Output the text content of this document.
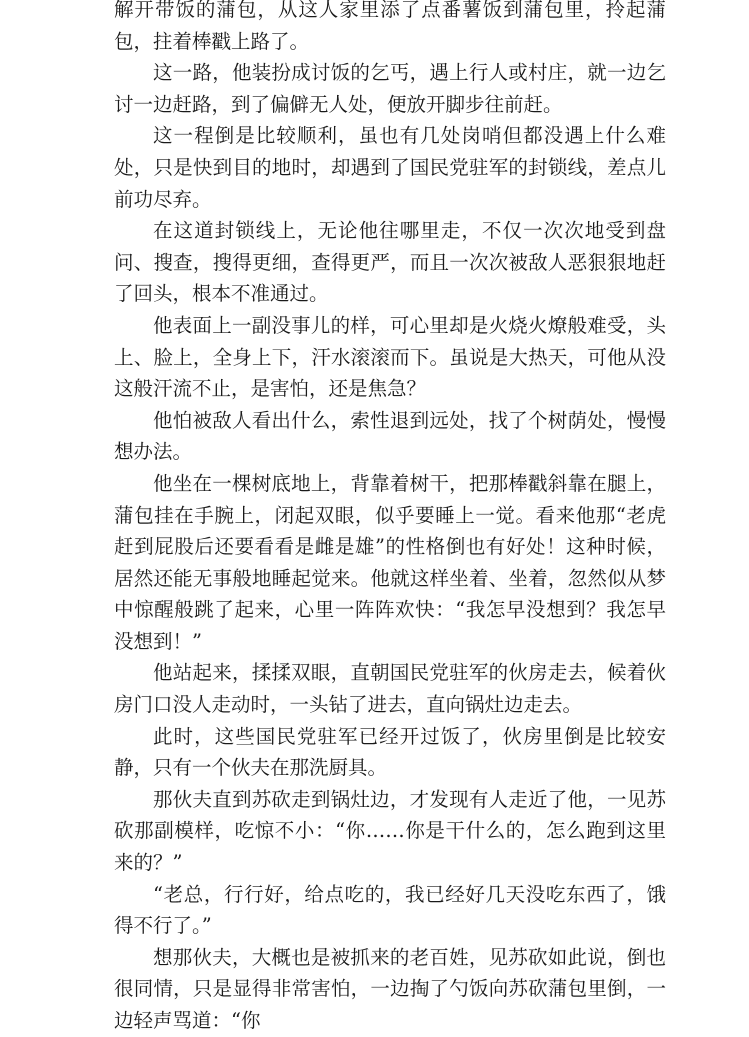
解开带饭的蒲包，从这人家里添了点番薯饭到蒲包里，拎起蒲包，拄着棒戳上路了。

这一路，他装扮成讨饭的乞丐，遇上行人或村庄，就一边乞讨一边赶路，到了偏僻无人处，便放开脚步往前赶。

这一程倒是比较顺利，虽也有几处岗哨但都没遇上什么难处，只是快到目的地时，却遇到了国民党驻军的封锁线，差点儿前功尽弃。

在这道封锁线上，无论他往哪里走，不仅一次次地受到盘问、搜查，搜得更细，查得更严，而且一次次被敌人恶狠狠地赶了回头，根本不准通过。

他表面上一副没事儿的样，可心里却是火烧火燎般难受，头上、脸上，全身上下，汗水滚滚而下。虽说是大热天，可他从没这般汗流不止，是害怕，还是焦急？

他怕被敌人看出什么，索性退到远处，找了个树荫处，慢慢想办法。

他坐在一棵树底地上，背靠着树干，把那棒戳斜靠在腿上，蒲包挂在手腕上，闭起双眼，似乎要睡上一觉。看来他那“老虎赶到屁股后还要看看是雌是雄”的性格倒也有好处！这种时候，居然还能无事般地睡起觉来。他就这样坐着、坐着，忽然似从梦中惊醒般跳了起来，心里一阵阵欢快：“我怎早没想到？我怎早没想到！”

他站起来，揉揉双眼，直朝国民党驻军的伙房走去，候着伙房门口没人走动时，一头钻了进去，直向锅灶边走去。

此时，这些国民党驻军已经开过饭了，伙房里倒是比较安静，只有一个伙夫在那洗厨具。

那伙夫直到苏砍走到锅灶边，才发现有人走近了他，一见苏砍那副模样，吃惊不小：“你……你是干什么的，怎么跑到这里来的？”

“老总，行行好，给点吃的，我已经好几天没吃东西了，饿得不行了。”

想那伙夫，大概也是被抓来的老百姓，见苏砍如此说，倒也很同情，只是显得非常害怕，一边掏了勺饭向苏砍蒲包里倒，一边轻声骂道：“你
